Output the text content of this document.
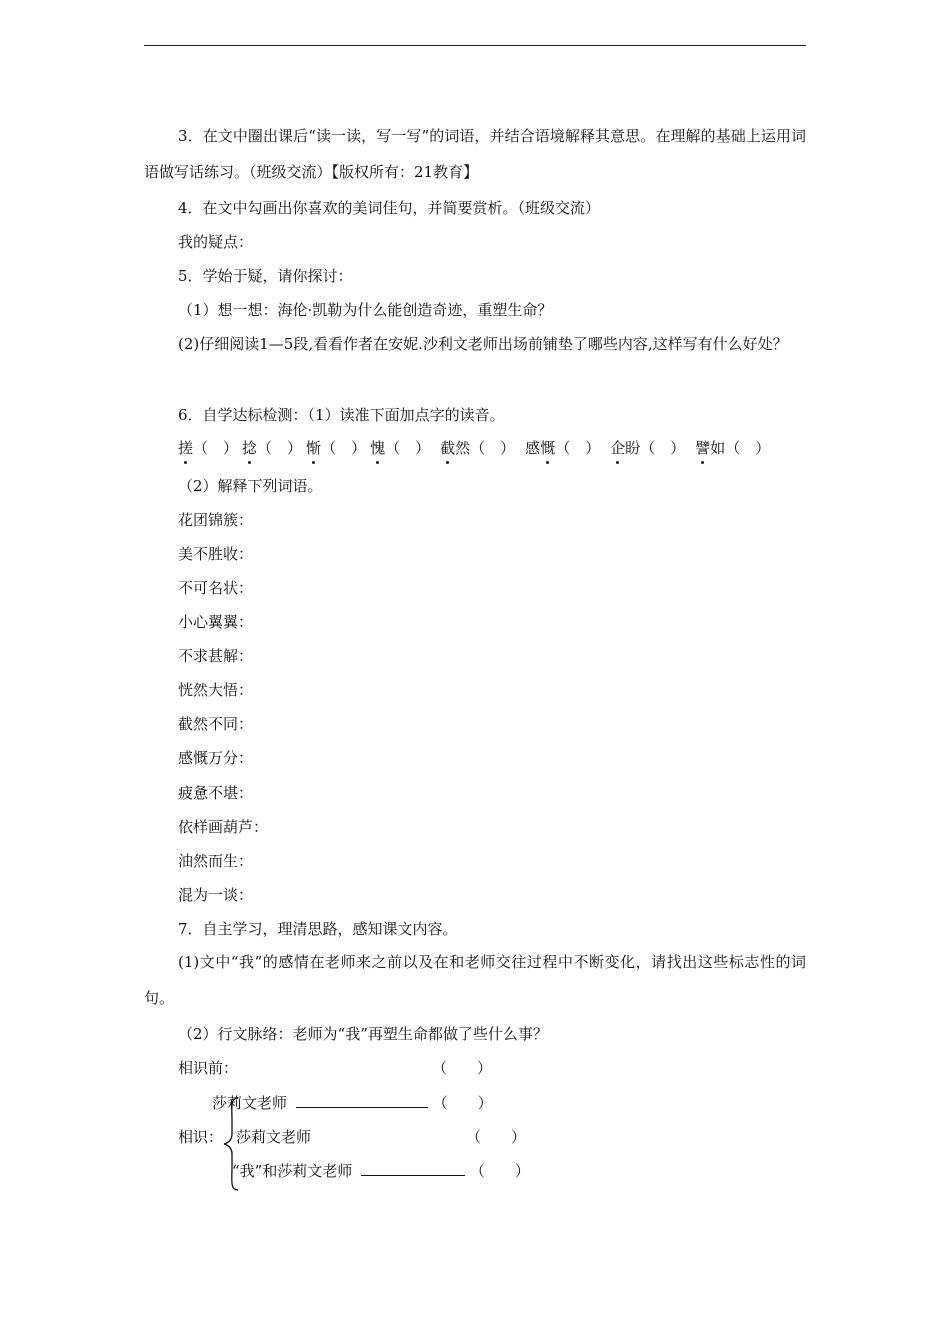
3．在文中圈出课后“读一读，写一写”的词语，并结合语境解释其意思。在理解的基础上运用词语做写话练习。（班级交流）【版权所有：21教育】
4．在文中勾画出你喜欢的美词佳句，并简要赏析。（班级交流）
我的疑点：
5．学始于疑，请你探讨：
（1）想一想：海伦·凯勒为什么能创造奇迹，重塑生命？
(2)仔细阅读1—5段,看看作者在安妮.沙利文老师出场前铺垫了哪些内容,这样写有什么好处？
6．自学达标检测：（1）读准下面加点字的读音。
搓（　） 捻（　） 惭（　） 愧（　） 截然（　） 感慨（　） 企盼（　） 譬如（　）
（2）解释下列词语。
花团锦簇：
美不胜收：
不可名状：
小心翼翼：
不求甚解：
恍然大悟：
截然不同：
感慨万分：
疲惫不堪：
依样画葫芦：
油然而生：
混为一谈：
7．自主学习，理清思路，感知课文内容。
(1)文中“我”的感情在老师来之前以及在和老师交往过程中不断变化，请找出这些标志性的词句。
（2）行文脉络：老师为“我”再塑生命都做了些什么事？
相识前：	（　　）
莎莉文老师	（　　）
相识： 莎莉文老师	（　　）
“我”和莎莉文老师	（　　）
